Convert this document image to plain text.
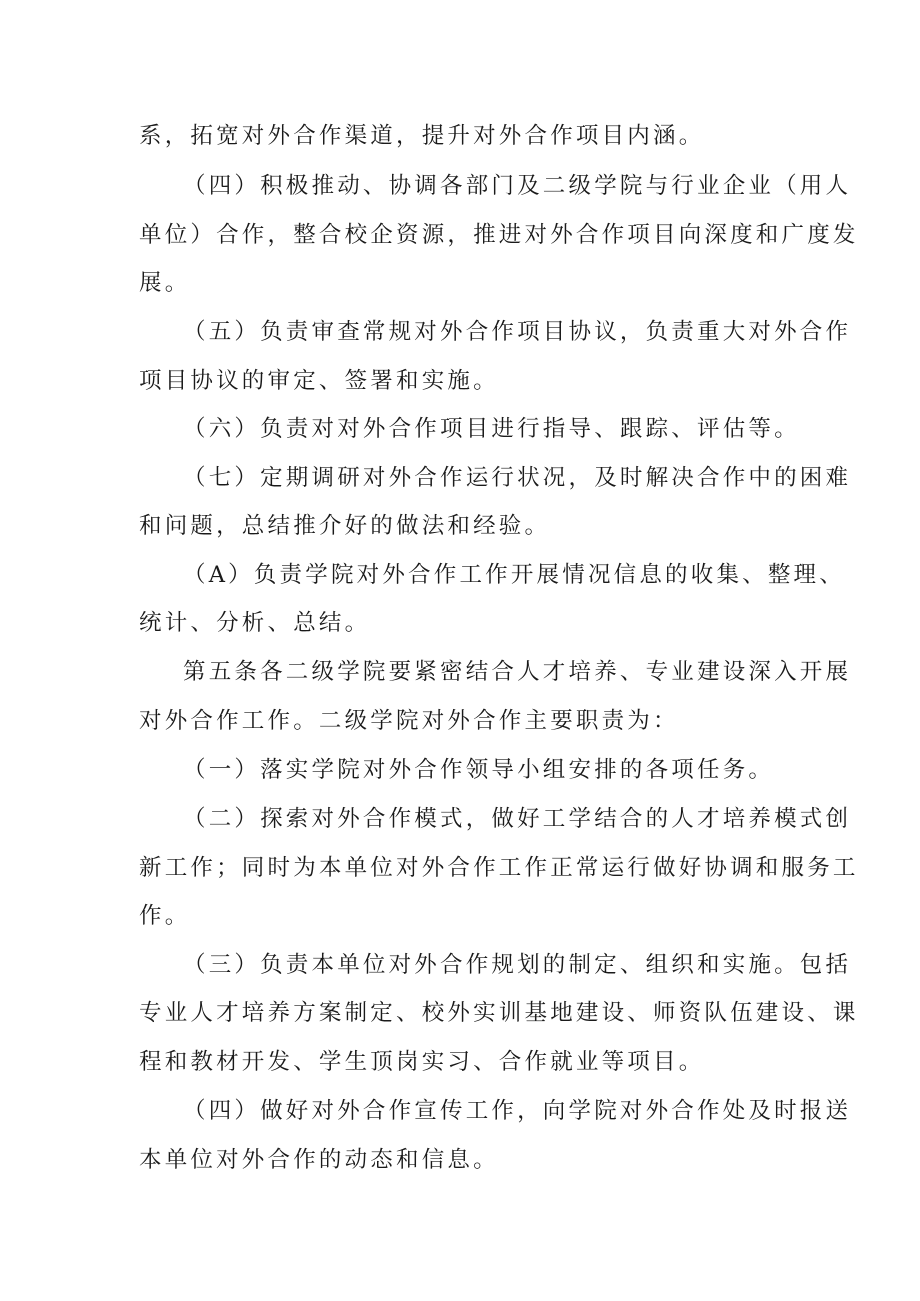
系，拓宽对外合作渠道，提升对外合作项目内涵。
（四）积极推动、协调各部门及二级学院与行业企业（用人
单位）合作，整合校企资源，推进对外合作项目向深度和广度发
展。
（五）负责审查常规对外合作项目协议，负责重大对外合作
项目协议的审定、签署和实施。
（六）负责对对外合作项目进行指导、跟踪、评估等。
（七）定期调研对外合作运行状况，及时解决合作中的困难
和问题，总结推介好的做法和经验。
（A）负责学院对外合作工作开展情况信息的收集、整理、
统计、分析、总结。
第五条各二级学院要紧密结合人才培养、专业建设深入开展
对外合作工作。二级学院对外合作主要职责为：
（一）落实学院对外合作领导小组安排的各项任务。
（二）探索对外合作模式，做好工学结合的人才培养模式创
新工作；同时为本单位对外合作工作正常运行做好协调和服务工
作。
（三）负责本单位对外合作规划的制定、组织和实施。包括
专业人才培养方案制定、校外实训基地建设、师资队伍建设、课
程和教材开发、学生顶岗实习、合作就业等项目。
（四）做好对外合作宣传工作，向学院对外合作处及时报送
本单位对外合作的动态和信息。
